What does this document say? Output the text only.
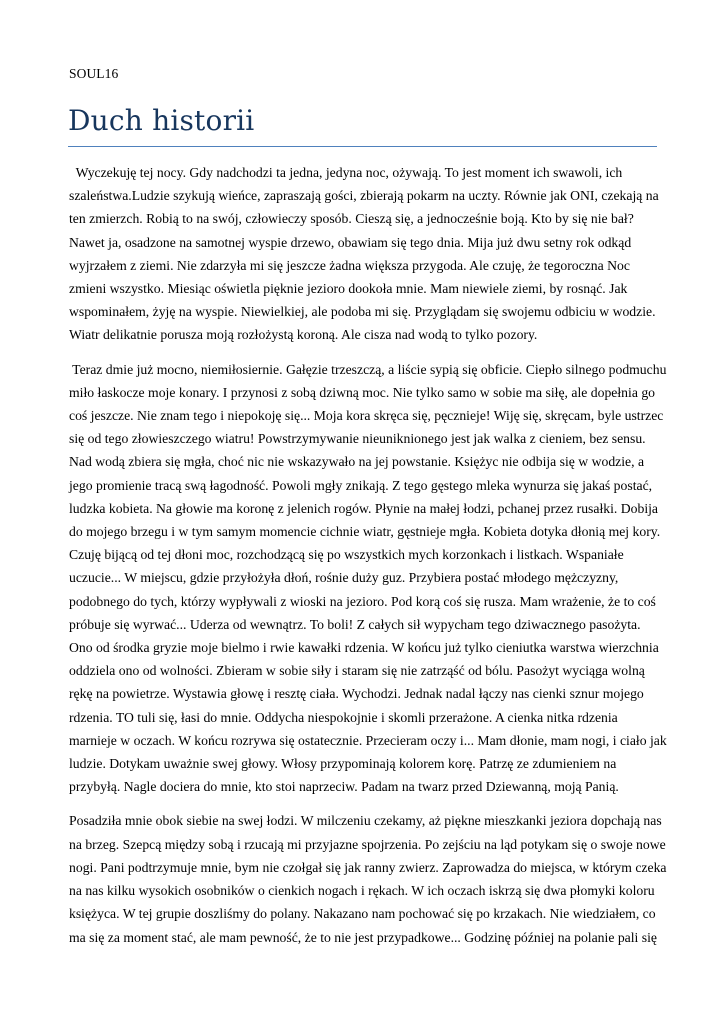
SOUL16
Duch historii

Wyczekuję tej nocy. Gdy nadchodzi ta jedna, jedyna noc, ożywają. To jest moment ich swawoli, ich
szaleństwa.Ludzie szykują wieńce, zapraszają gości, zbierają pokarm na uczty. Równie jak ONI, czekają na
ten zmierzch. Robią to na swój, człowieczy sposób. Cieszą się, a jednocześnie boją. Kto by się nie bał?
Nawet ja, osadzone na samotnej wyspie drzewo, obawiam się tego dnia. Mija już dwu setny rok odkąd
wyjrzałem z ziemi. Nie zdarzyła mi się jeszcze żadna większa przygoda. Ale czuję, że tegoroczna Noc
zmieni wszystko. Miesiąc oświetla pięknie jezioro dookoła mnie. Mam niewiele ziemi, by rosnąć. Jak
wspominałem, żyję na wyspie. Niewielkiej, ale podoba mi się. Przyglądam się swojemu odbiciu w wodzie.
Wiatr delikatnie porusza moją rozłożystą koroną. Ale cisza nad wodą to tylko pozory.

Teraz dmie już mocno, niemiłosiernie. Gałęzie trzeszczą, a liście sypią się obficie. Ciepło silnego podmuchu
miło łaskocze moje konary. I przynosi z sobą dziwną moc. Nie tylko samo w sobie ma siłę, ale dopełnia go
coś jeszcze. Nie znam tego i niepokoję się... Moja kora skręca się, pęcznieje! Wiję się, skręcam, byle ustrzec
się od tego złowieszczego wiatru! Powstrzymywanie nieuniknionego jest jak walka z cieniem, bez sensu.
Nad wodą zbiera się mgła, choć nic nie wskazywało na jej powstanie. Księżyc nie odbija się w wodzie, a
jego promienie tracą swą łagodność. Powoli mgły znikają. Z tego gęstego mleka wynurza się jakaś postać,
ludzka kobieta. Na głowie ma koronę z jelenich rogów. Płynie na małej łodzi, pchanej przez rusałki. Dobija
do mojego brzegu i w tym samym momencie cichnie wiatr, gęstnieje mgła. Kobieta dotyka dłonią mej kory.
Czuję bijącą od tej dłoni moc, rozchodzącą się po wszystkich mych korzonkach i listkach. Wspaniałe
uczucie... W miejscu, gdzie przyłożyła dłoń, rośnie duży guz. Przybiera postać młodego mężczyzny,
podobnego do tych, którzy wypływali z wioski na jezioro. Pod korą coś się rusza. Mam wrażenie, że to coś
próbuje się wyrwać... Uderza od wewnątrz. To boli! Z całych sił wypycham tego dziwacznego pasożyta.
Ono od środka gryzie moje bielmo i rwie kawałki rdzenia. W końcu już tylko cieniutka warstwa wierzchnia
oddziela ono od wolności. Zbieram w sobie siły i staram się nie zatrząść od bólu. Pasożyt wyciąga wolną
rękę na powietrze. Wystawia głowę i resztę ciała. Wychodzi. Jednak nadal łączy nas cienki sznur mojego
rdzenia. TO tuli się, łasi do mnie. Oddycha niespokojnie i skomli przerażone. A cienka nitka rdzenia
marnieje w oczach. W końcu rozrywa się ostatecznie. Przecieram oczy i... Mam dłonie, mam nogi, i ciało jak
ludzie. Dotykam uważnie swej głowy. Włosy przypominają kolorem korę. Patrzę ze zdumieniem na
przybyłą. Nagle dociera do mnie, kto stoi naprzeciw. Padam na twarz przed Dziewanną, moją Panią.

Posadziła mnie obok siebie na swej łodzi. W milczeniu czekamy, aż piękne mieszkanki jeziora dopchają nas
na brzeg. Szepcą między sobą i rzucają mi przyjazne spojrzenia. Po zejściu na ląd potykam się o swoje nowe
nogi. Pani podtrzymuje mnie, bym nie czołgał się jak ranny zwierz. Zaprowadza do miejsca, w którym czeka
na nas kilku wysokich osobników o cienkich nogach i rękach. W ich oczach iskrzą się dwa płomyki koloru
księżyca. W tej grupie doszliśmy do polany. Nakazano nam pochować się po krzakach. Nie wiedziałem, co
ma się za moment stać, ale mam pewność, że to nie jest przypadkowe... Godzinę później na polanie pali się
